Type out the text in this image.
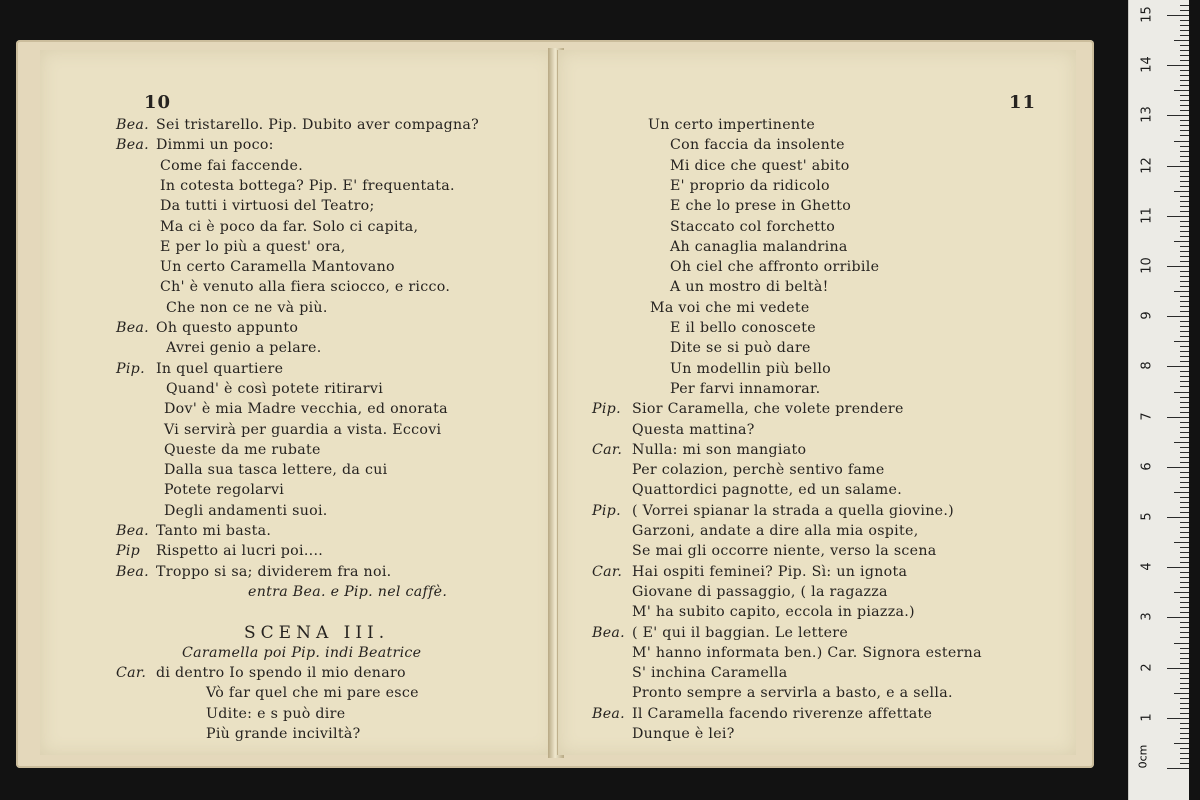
10
Bea. Sei tristarello. Pip. Dubito aver compagna?
Bea. Dimmi un poco:
Come fai faccende.
In cotesta bottega? Pip. E' frequentata.
Da tutti i virtuosi del Teatro;
Ma ci è poco da far. Solo ci capita,
E per lo più a quest' ora,
Un certo Caramella Mantovano
Ch' è venuto alla fiera sciocco, e ricco.
Che non ce ne và più.
Bea. Oh questo appunto
Avrei genio a pelare.
Pip. In quel quartiere
Quand' è così potete ritirarvi
Dov' è mia Madre vecchia, ed onorata
Vi servirà per guardia a vista. Eccovi
Queste da me rubate
Dalla sua tasca lettere, da cui
Potete regolarvi
Degli andamenti suoi.
Bea. Tanto mi basta.
Pip Rispetto ai lucri poi....
Bea. Troppo si sa; dividerem fra noi.
entra Bea. e Pip. nel caffè.
SCENA III.
Caramella poi Pip. indi Beatrice
Car. di dentro Io spendo il mio denaro
Vò far quel che mi pare esce
Udite: e s può dire
Più grande inciviltà?
11
Un certo impertinente
Con faccia da insolente
Mi dice che quest' abito
E' proprio da ridicolo
E che lo prese in Ghetto
Staccato col forchetto
Ah canaglia malandrina
Oh ciel che affronto orribile
A un mostro di beltà!
Ma voi che mi vedete
E il bello conoscete
Dite se si può dare
Un modellin più bello
Per farvi innamorar.
Pip. Sior Caramella, che volete prendere
Questa mattina?
Car. Nulla: mi son mangiato
Per colazion, perchè sentivo fame
Quattordici pagnotte, ed un salame.
Pip. ( Vorrei spianar la strada a quella giovine.)
Garzoni, andate a dire alla mia ospite,
Se mai gli occorre niente, verso la scena
Car. Hai ospiti feminei? Pip. Sì: un ignota
Giovane di passaggio, ( la ragazza
M' ha subito capito, eccola in piazza.)
Bea. ( E' qui il baggian. Le lettere
M' hanno informata ben.) Car. Signora esterna
S' inchina Caramella
Pronto sempre a servirla a basto, e a sella.
Bea. Il Caramella facendo riverenze affettate
Dunque è lei?
0cm
1
2
3
4
5
6
7
8
9
10
11
12
13
14
15
